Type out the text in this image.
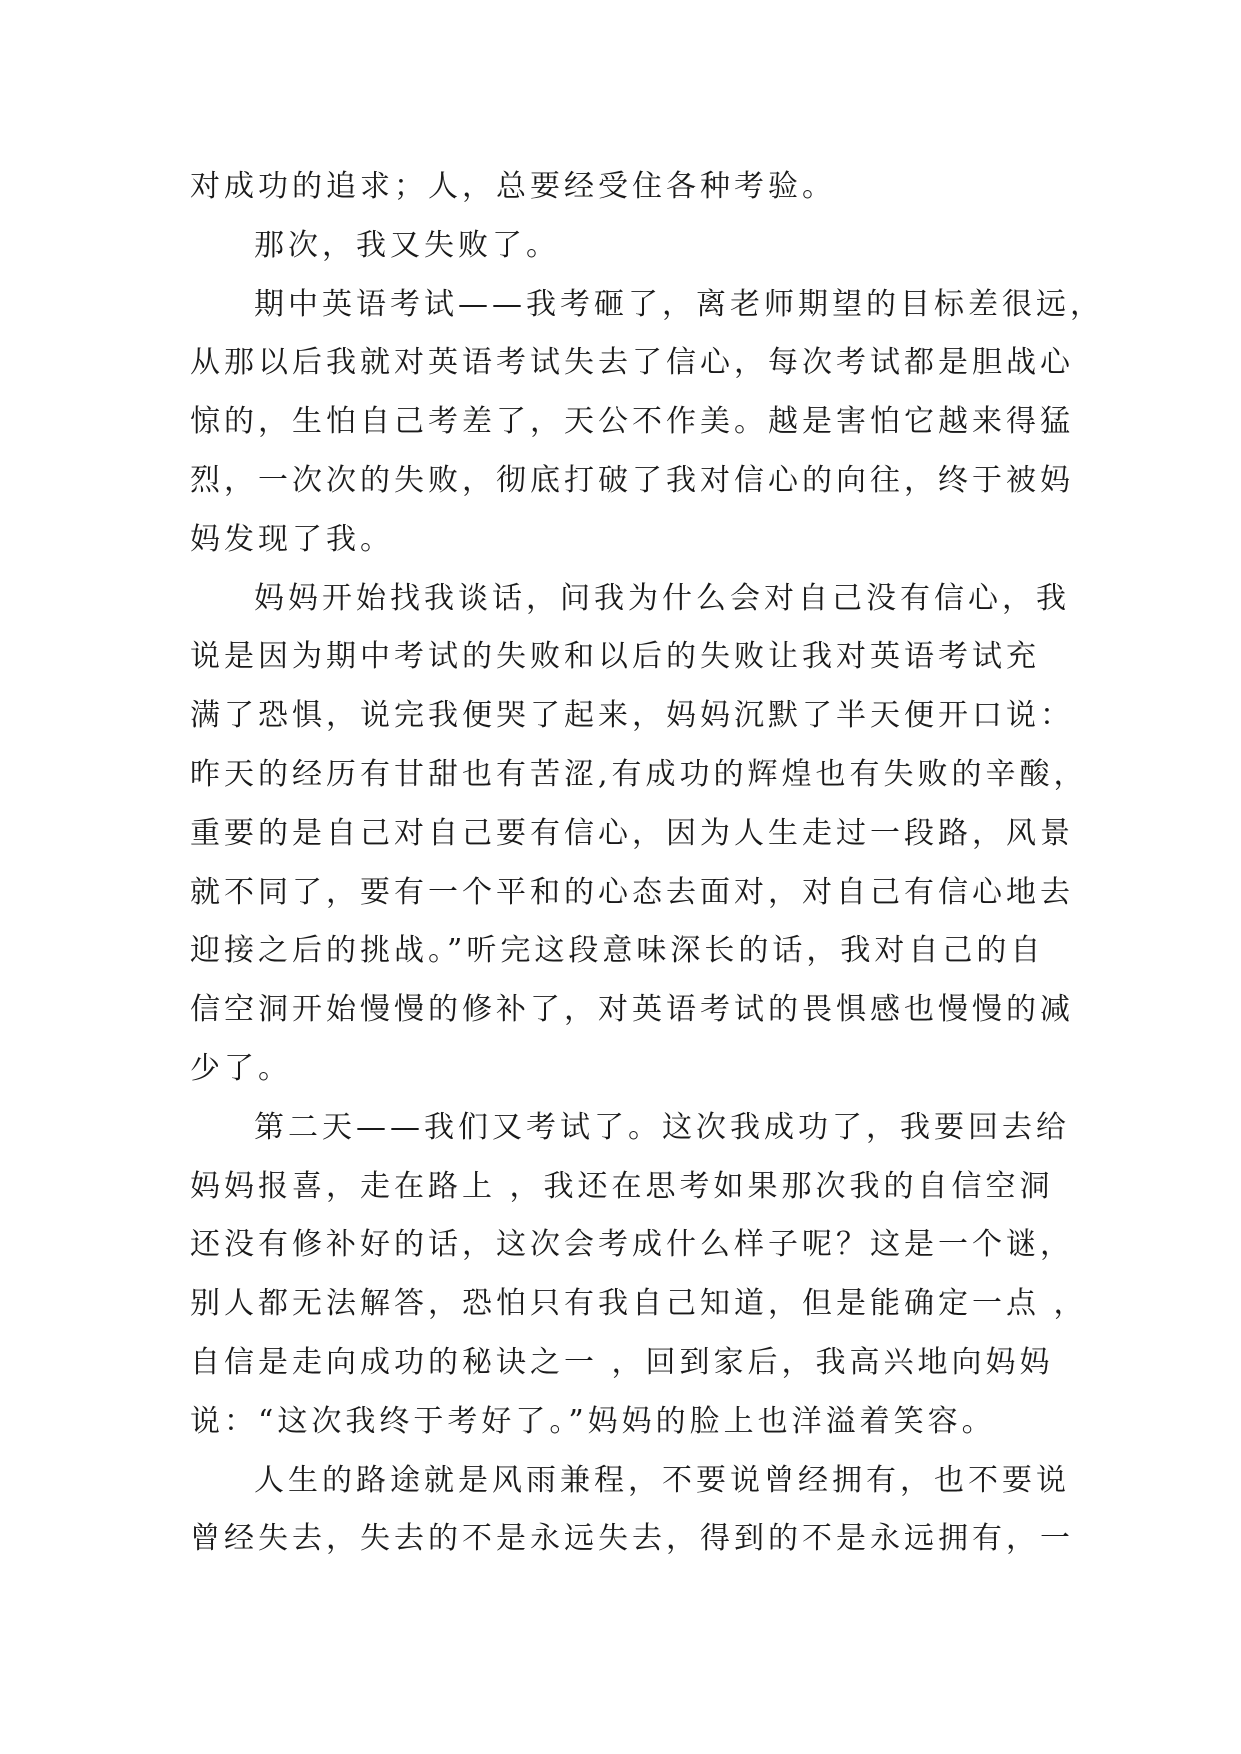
对成功的追求；人，总要经受住各种考验。
那次，我又失败了。
期中英语考试——我考砸了，离老师期望的目标差很远，
从那以后我就对英语考试失去了信心，每次考试都是胆战心
惊的，生怕自己考差了，天公不作美。越是害怕它越来得猛
烈，一次次的失败，彻底打破了我对信心的向往，终于被妈
妈发现了我。
妈妈开始找我谈话，问我为什么会对自己没有信心，我
说是因为期中考试的失败和以后的失败让我对英语考试充
满了恐惧，说完我便哭了起来，妈妈沉默了半天便开口说：
昨天的经历有甘甜也有苦涩,有成功的辉煌也有失败的辛酸，
重要的是自己对自己要有信心，因为人生走过一段路，风景
就不同了，要有一个平和的心态去面对，对自己有信心地去
迎接之后的挑战。”听完这段意味深长的话，我对自己的自
信空洞开始慢慢的修补了，对英语考试的畏惧感也慢慢的减
少了。
第二天——我们又考试了。这次我成功了，我要回去给
妈妈报喜，走在路上 ，我还在思考如果那次我的自信空洞
还没有修补好的话，这次会考成什么样子呢？这是一个谜，
别人都无法解答，恐怕只有我自己知道，但是能确定一点 ，
自信是走向成功的秘诀之一 ，回到家后，我高兴地向妈妈
说：“这次我终于考好了。”妈妈的脸上也洋溢着笑容。
人生的路途就是风雨兼程，不要说曾经拥有，也不要说
曾经失去，失去的不是永远失去，得到的不是永远拥有，一
